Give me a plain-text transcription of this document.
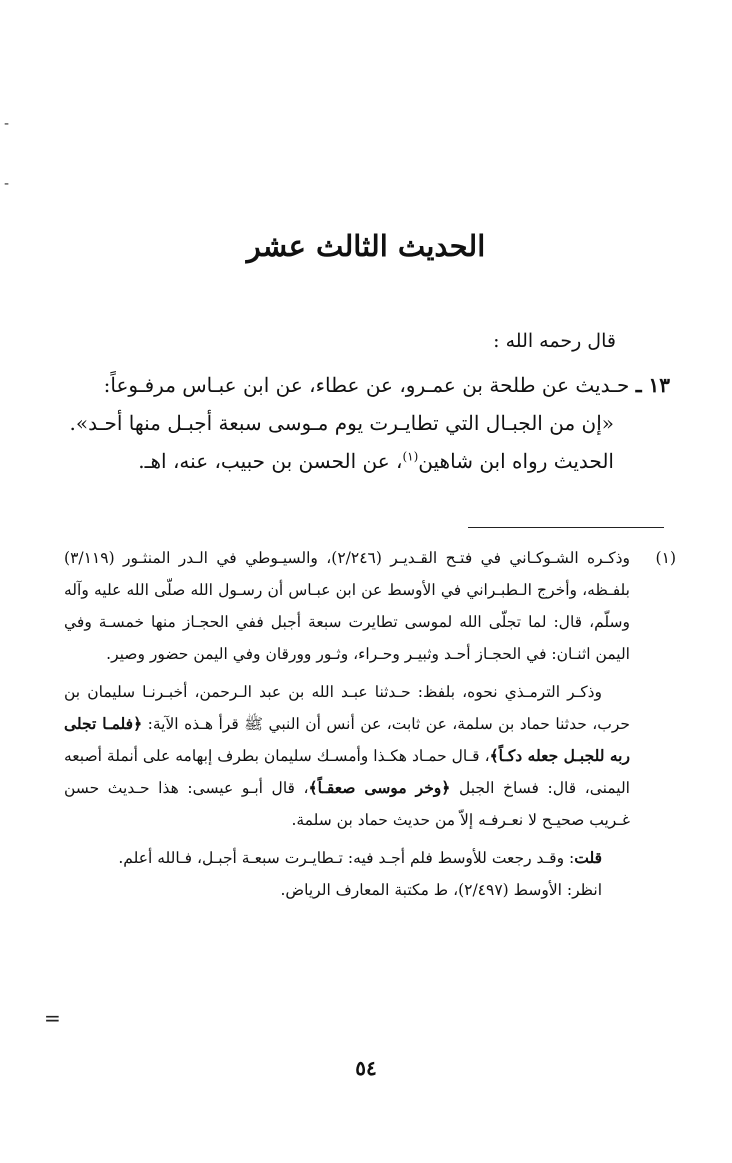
-
-
الحديث الثالث عشر
قال رحمه الله :
١٣ ـ حـديث عن طلحة بن عمـرو، عن عطاء، عن ابن عبـاس مرفـوعاً:
«إن من الجبـال التي تطايـرت يوم مـوسى سبعة أجبـل منها أحـد».
الحديث رواه ابن شاهين$^{(١)}$، عن الحسن بن حبيب، عنه، اهـ.

(١)
وذكـره الشـوكـاني في فتـح القـديـر (٢/٢٤٦)، والسيـوطي في الـدر المنثـور (٣/١١٩) بلفـظه، وأخرج الـطبـراني في الأوسط عن ابن عبـاس أن رسـول الله صلّى الله عليه وآله وسلّم، قال: لما تجلّى الله لموسى تطايرت سبعة أجبل ففي الحجـاز منها خمسـة وفي اليمن اثنـان: في الحجـاز أحـد وثبيـر وحـراء، وثـور وورقان وفي اليمن حضور وصير.

وذكـر الترمـذي نحوه، بلفظ: حـدثنا عبـد الله بن عبد الـرحمن، أخبـرنـا سليمان بن حرب، حدثنا حماد بن سلمة، عن ثابت، عن أنس أن النبي ﷺ قرأ هـذه الآية: ﴿فلمـا تجلى ربه للجبـل جعله دكـاً﴾، قـال حمـاد هكـذا وأمسـك سليمان بطرف إبهامه على أنملة أصبعه اليمنى، قال: فساخ الجبل ﴿وخر موسى صعقـاً﴾، قال أبـو عيسى: هذا حـديث حسن غـريب صحيـح لا نعـرفـه إلاّ من حديث حماد بن سلمة.

قلت: وقـد رجعت للأوسط فلم أجـد فيه: تـطايـرت سبعـة أجبـل، فـالله أعلم.

انظر: الأوسط (٢/٤٩٧)، ط مكتبة المعارف الرياض.

=
٥٤
